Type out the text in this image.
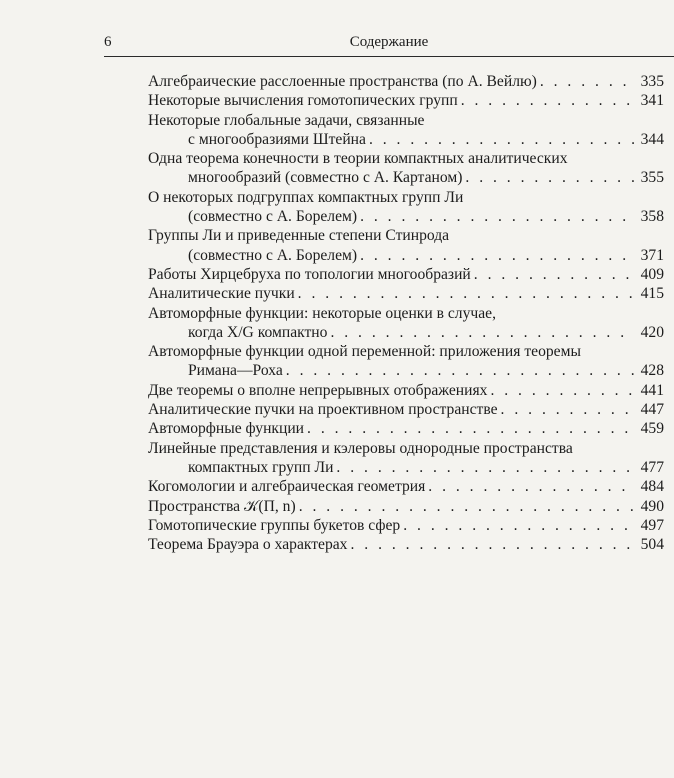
6	Содержание
Алгебраические расслоенные пространства (по А. Вейлю) . . .	335
Некоторые вычисления гомотопических групп . . .	341
Некоторые глобальные задачи, связанные
с многообразиями Штейна . . .	344
Одна теорема конечности в теории компактных аналитических
многообразий (совместно с А. Картаном) . . .	355
О некоторых подгруппах компактных групп Ли
(совместно с А. Борелем) . . .	358
Группы Ли и приведенные степени Стинрода
(совместно с А. Борелем) . . .	371
Работы Хирцебруха по топологии многообразий . . .	409
Аналитические пучки . . .	415
Автоморфные функции: некоторые оценки в случае,
когда X/G компактно . . .	420
Автоморфные функции одной переменной: приложения теоремы
Римана—Роха . . .	428
Две теоремы о вполне непрерывных отображениях . . .	441
Аналитические пучки на проективном пространстве . . .	447
Автоморфные функции . . .	459
Линейные представления и кэлеровы однородные пространства
компактных групп Ли . . .	477
Когомологии и алгебраическая геометрия . . .	484
Пространства 𝒦(Π, n) . . .	490
Гомотопические группы букетов сфер . . .	497
Теорема Брауэра о характерах . . .	504
